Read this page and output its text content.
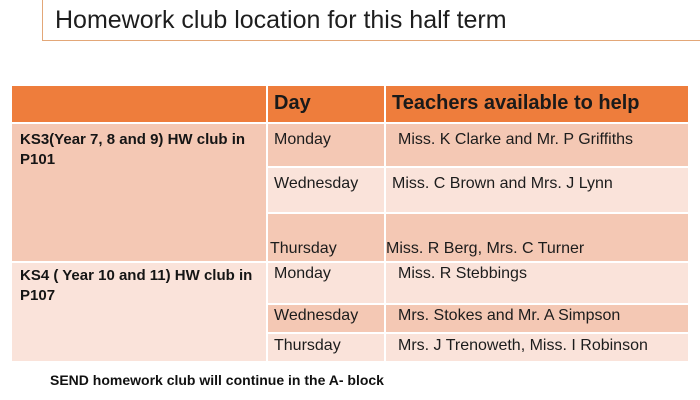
Homework club location for this half term
Day	Teachers available to help
KS3(Year 7, 8 and 9) HW club in P101
Monday	Miss. K Clarke and Mr. P Griffiths
Wednesday	Miss. C Brown and Mrs. J Lynn
Thursday	Miss. R Berg, Mrs. C Turner
KS4 ( Year 10 and 11) HW club in P107
Monday	Miss. R Stebbings
Wednesday	Mrs. Stokes and Mr. A Simpson
Thursday	Mrs. J Trenoweth, Miss. I Robinson
SEND homework club will continue in the A- block
